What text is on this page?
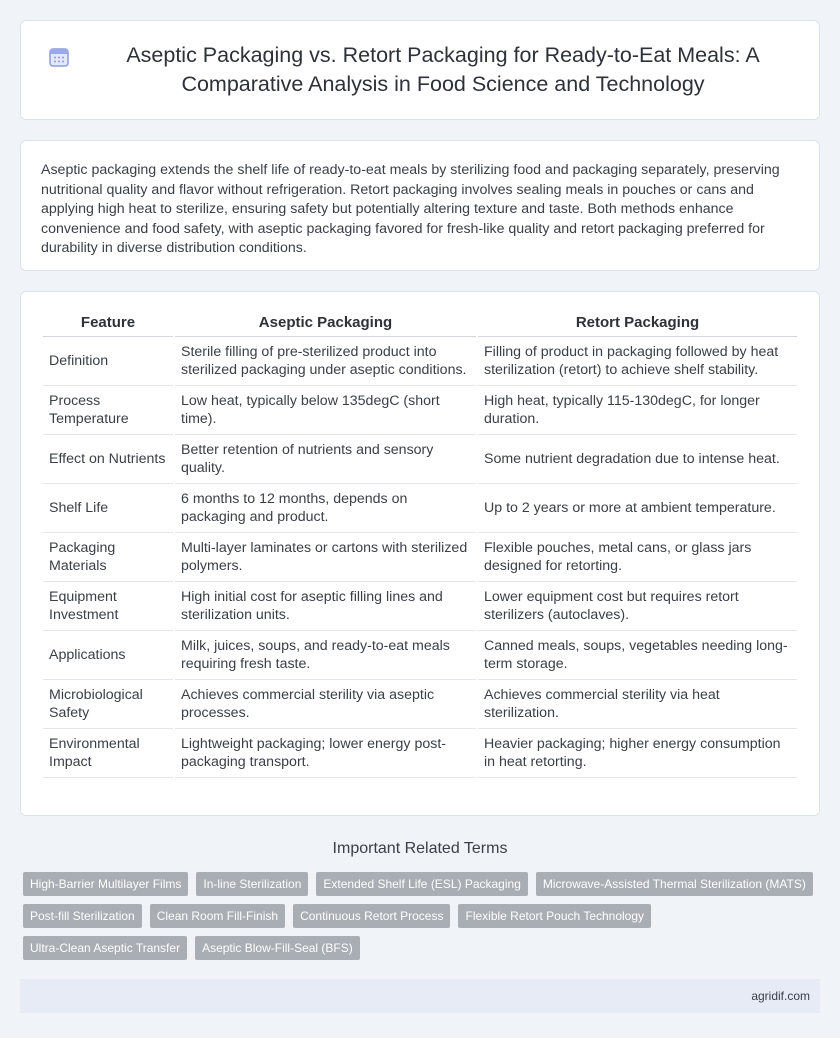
Aseptic Packaging vs. Retort Packaging for Ready-to-Eat Meals: A Comparative Analysis in Food Science and Technology

Aseptic packaging extends the shelf life of ready-to-eat meals by sterilizing food and packaging separately, preserving nutritional quality and flavor without refrigeration. Retort packaging involves sealing meals in pouches or cans and applying high heat to sterilize, ensuring safety but potentially altering texture and taste. Both methods enhance convenience and food safety, with aseptic packaging favored for fresh-like quality and retort packaging preferred for durability in diverse distribution conditions.

Feature	Aseptic Packaging	Retort Packaging
Definition	Sterile filling of pre-sterilized product into sterilized packaging under aseptic conditions.	Filling of product in packaging followed by heat sterilization (retort) to achieve shelf stability.
Process Temperature	Low heat, typically below 135degC (short time).	High heat, typically 115-130degC, for longer duration.
Effect on Nutrients	Better retention of nutrients and sensory quality.	Some nutrient degradation due to intense heat.
Shelf Life	6 months to 12 months, depends on packaging and product.	Up to 2 years or more at ambient temperature.
Packaging Materials	Multi-layer laminates or cartons with sterilized polymers.	Flexible pouches, metal cans, or glass jars designed for retorting.
Equipment Investment	High initial cost for aseptic filling lines and sterilization units.	Lower equipment cost but requires retort sterilizers (autoclaves).
Applications	Milk, juices, soups, and ready-to-eat meals requiring fresh taste.	Canned meals, soups, vegetables needing long-term storage.
Microbiological Safety	Achieves commercial sterility via aseptic processes.	Achieves commercial sterility via heat sterilization.
Environmental Impact	Lightweight packaging; lower energy post-packaging transport.	Heavier packaging; higher energy consumption in heat retorting.
Important Related Terms
High-Barrier Multilayer Films	In-line Sterilization	Extended Shelf Life (ESL) Packaging	Microwave-Assisted Thermal Sterilization (MATS)
Post-fill Sterilization	Clean Room Fill-Finish	Continuous Retort Process	Flexible Retort Pouch Technology
Ultra-Clean Aseptic Transfer	Aseptic Blow-Fill-Seal (BFS)
agridif.com
